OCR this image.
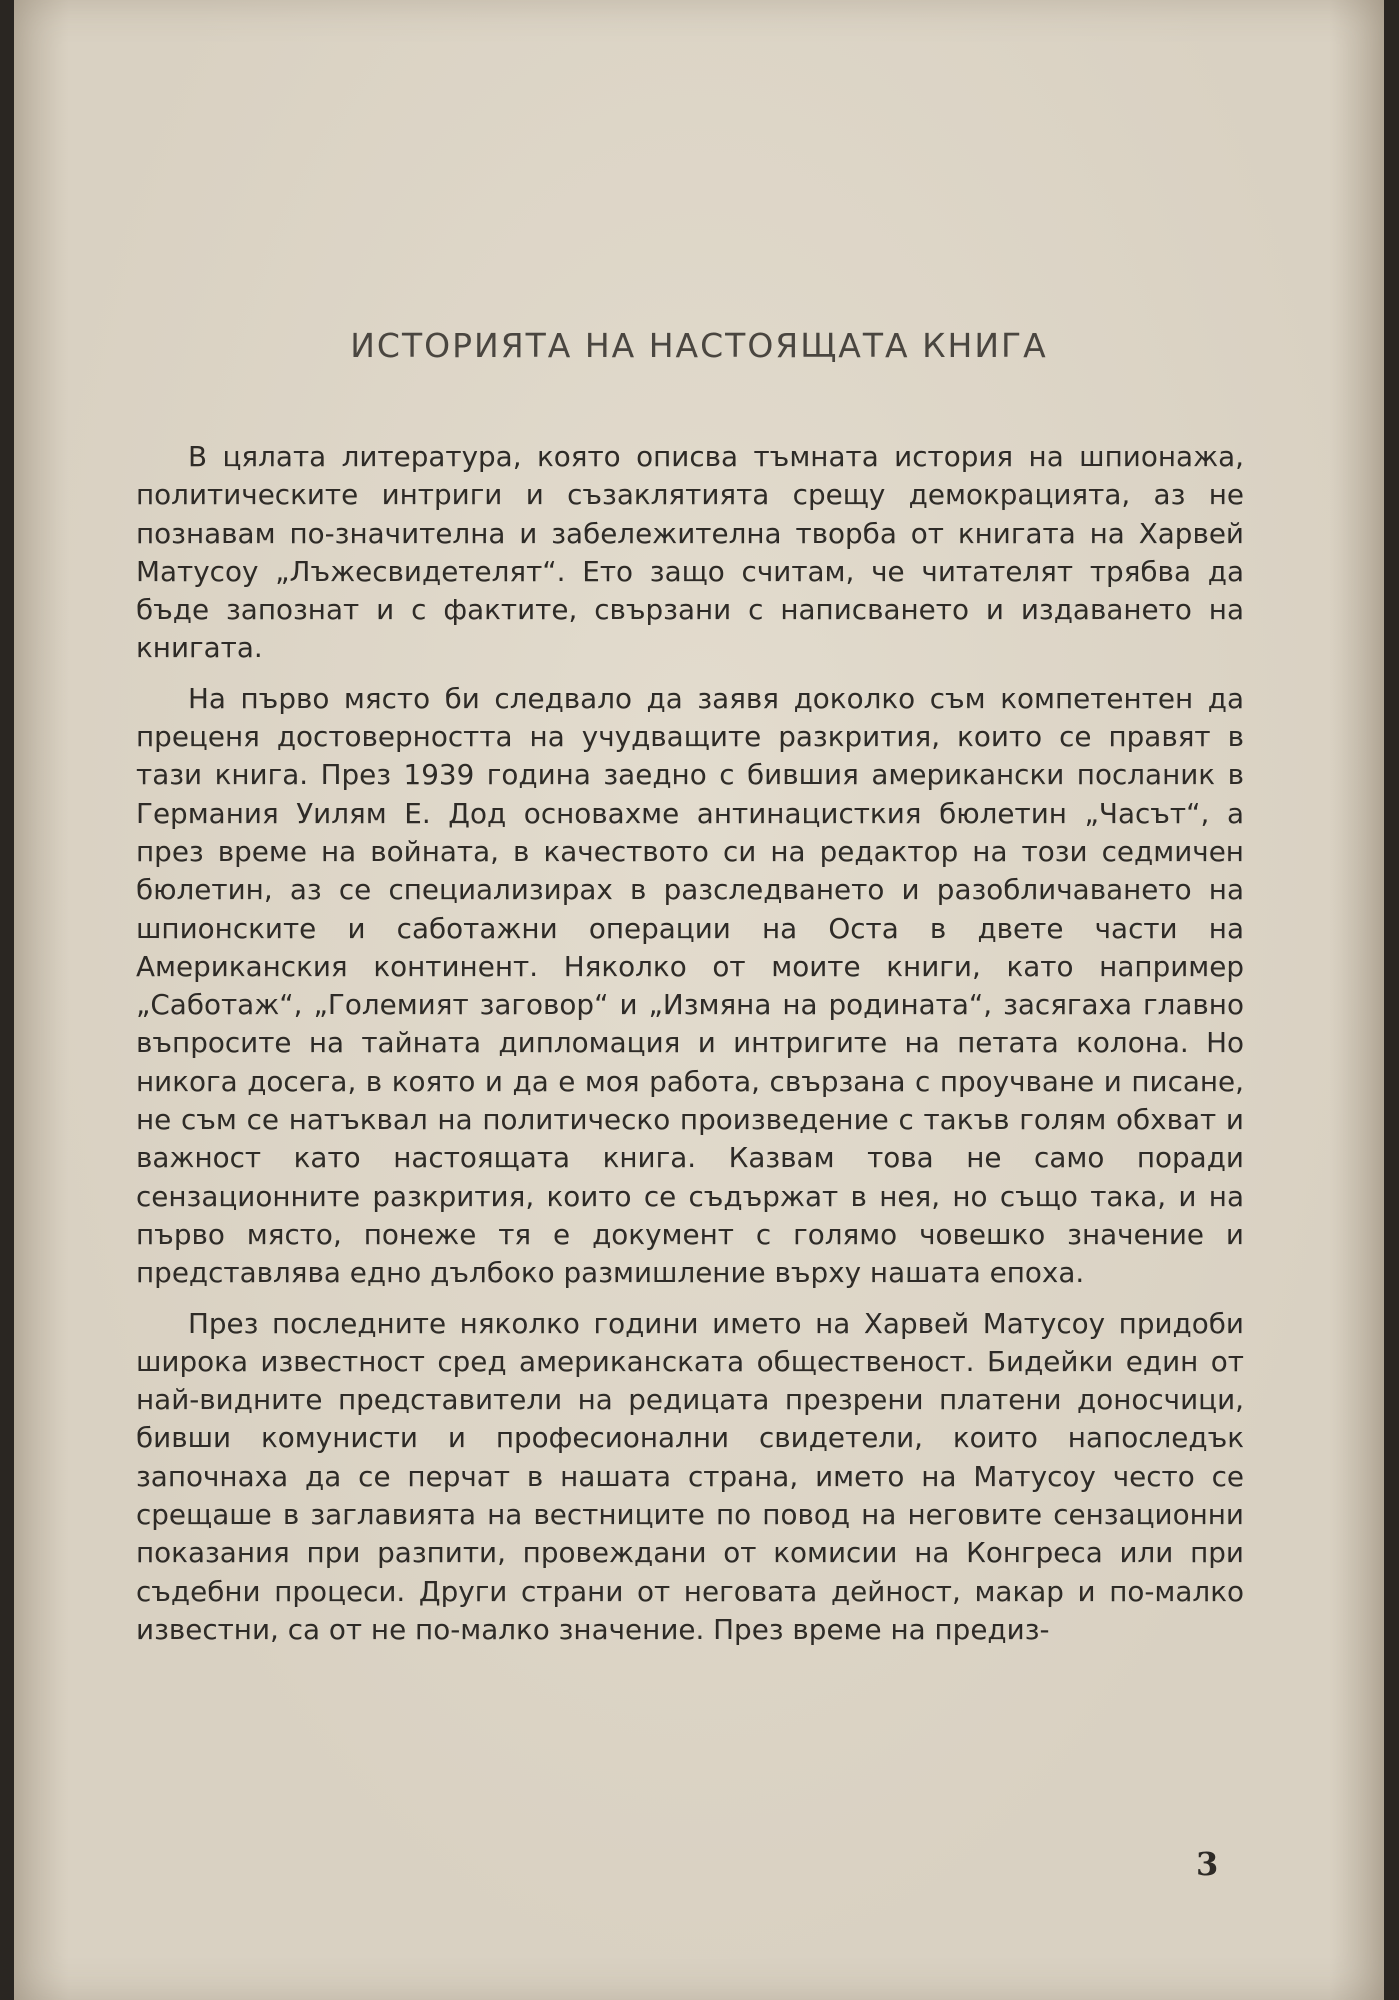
ИСТОРИЯТА НА НАСТОЯЩАТА КНИГА

В цялата литература, която описва тъмната история на шпионажа, политическите интриги и съзаклятията срещу демокрацията, аз не познавам по-значителна и забележителна творба от книгата на Харвей Матусоу „Лъжесвидетелят“. Ето защо считам, че читателят трябва да бъде запознат и с фактите, свързани с написването и издаването на книгата.

На първо място би следвало да заявя доколко съм компетентен да преценя достоверността на учудващите разкрития, които се правят в тази книга. През 1939 година заедно с бившия американски посланик в Германия Уилям Е. Дод основахме антинацисткия бюлетин „Часът“, а през време на войната, в качеството си на редактор на този седмичен бюлетин, аз се специализирах в разследването и разобличаването на шпионските и саботажни операции на Оста в двете части на Американския континент. Няколко от моите книги, като например „Саботаж“, „Големият заговор“ и „Измяна на родината“, засягаха главно въпросите на тайната дипломация и интригите на петата колона. Но никога досега, в която и да е моя работа, свързана с проучване и писане, не съм се натъквал на политическо произведение с такъв голям обхват и важност като настоящата книга. Казвам това не само поради сензационните разкрития, които се съдържат в нея, но също така, и на първо място, понеже тя е документ с голямо човешко значение и представлява едно дълбоко размишление върху нашата епоха.

През последните няколко години името на Харвей Матусоу придоби широка известност сред американската общественост. Бидейки един от най-видните представители на редицата презрени платени доносчици, бивши комунисти и професионални свидетели, които напоследък започнаха да се перчат в нашата страна, името на Матусоу често се срещаше в заглавията на вестниците по повод на неговите сензационни показания при разпити, провеждани от комисии на Конгреса или при съдебни процеси. Други страни от неговата дейност, макар и по-малко известни, са от не по-малко значение. През време на предиз-

3
